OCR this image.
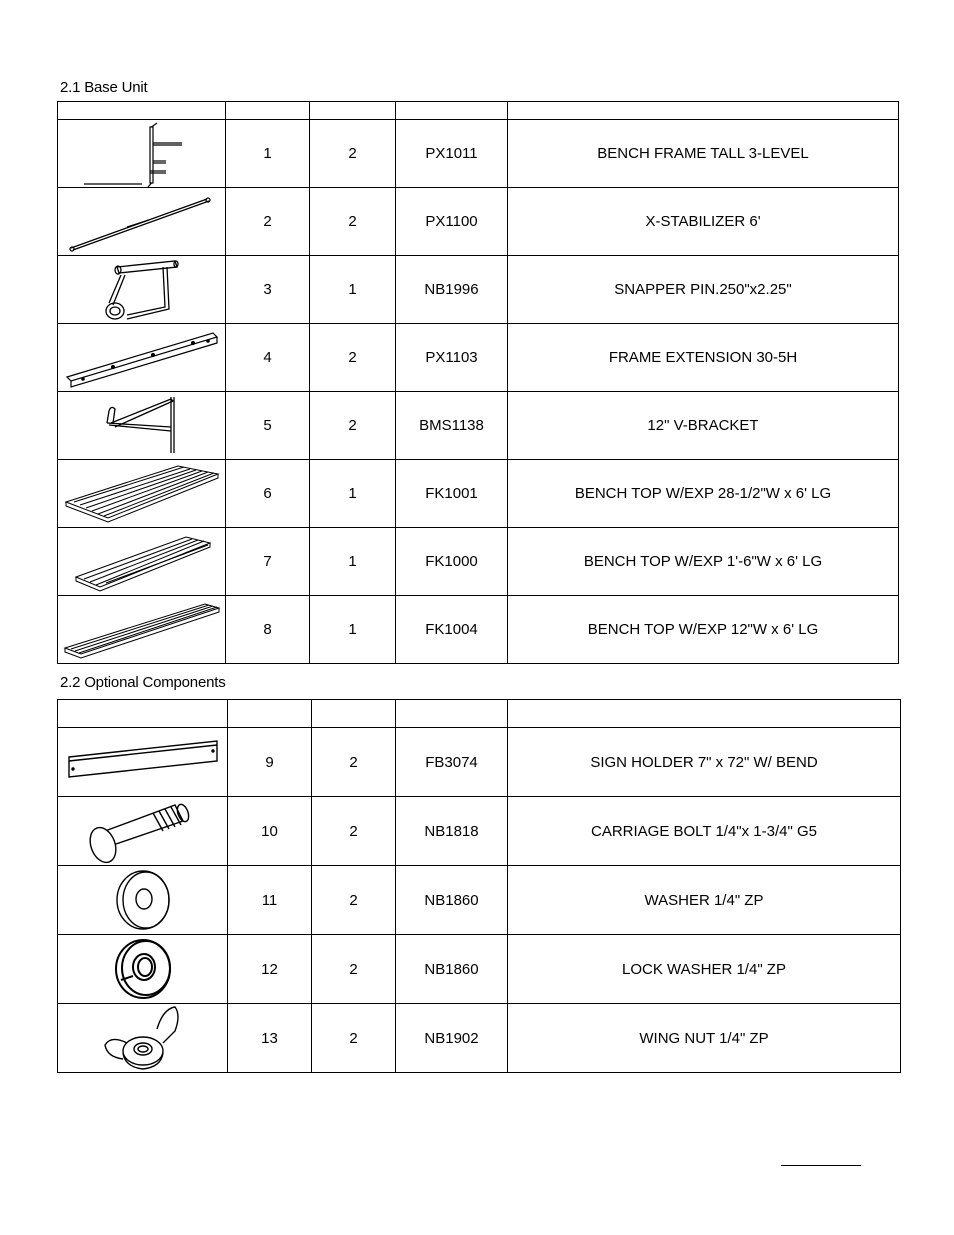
2.1 Base Unit

	1	2	PX1011	BENCH FRAME TALL 3-LEVEL

	2	2	PX1100	X-STABILIZER 6'

	3	1	NB1996	SNAPPER PIN.250"x2.25"

	4	2	PX1103	FRAME EXTENSION 30-5H

	5	2	BMS1138	12" V-BRACKET

	6	1	FK1001	BENCH TOP W/EXP 28-1/2"W x 6' LG

	7	1	FK1000	BENCH TOP W/EXP 1'-6"W x 6' LG

	8	1	FK1004	BENCH TOP W/EXP 12"W x 6' LG
2.2 Optional Components

	9	2	FB3074	SIGN HOLDER 7" x 72" W/ BEND

	10	2	NB1818	CARRIAGE BOLT 1/4"x 1-3/4" G5

	11	2	NB1860	WASHER 1/4" ZP

	12	2	NB1860	LOCK WASHER 1/4" ZP

	13	2	NB1902	WING NUT 1/4" ZP
